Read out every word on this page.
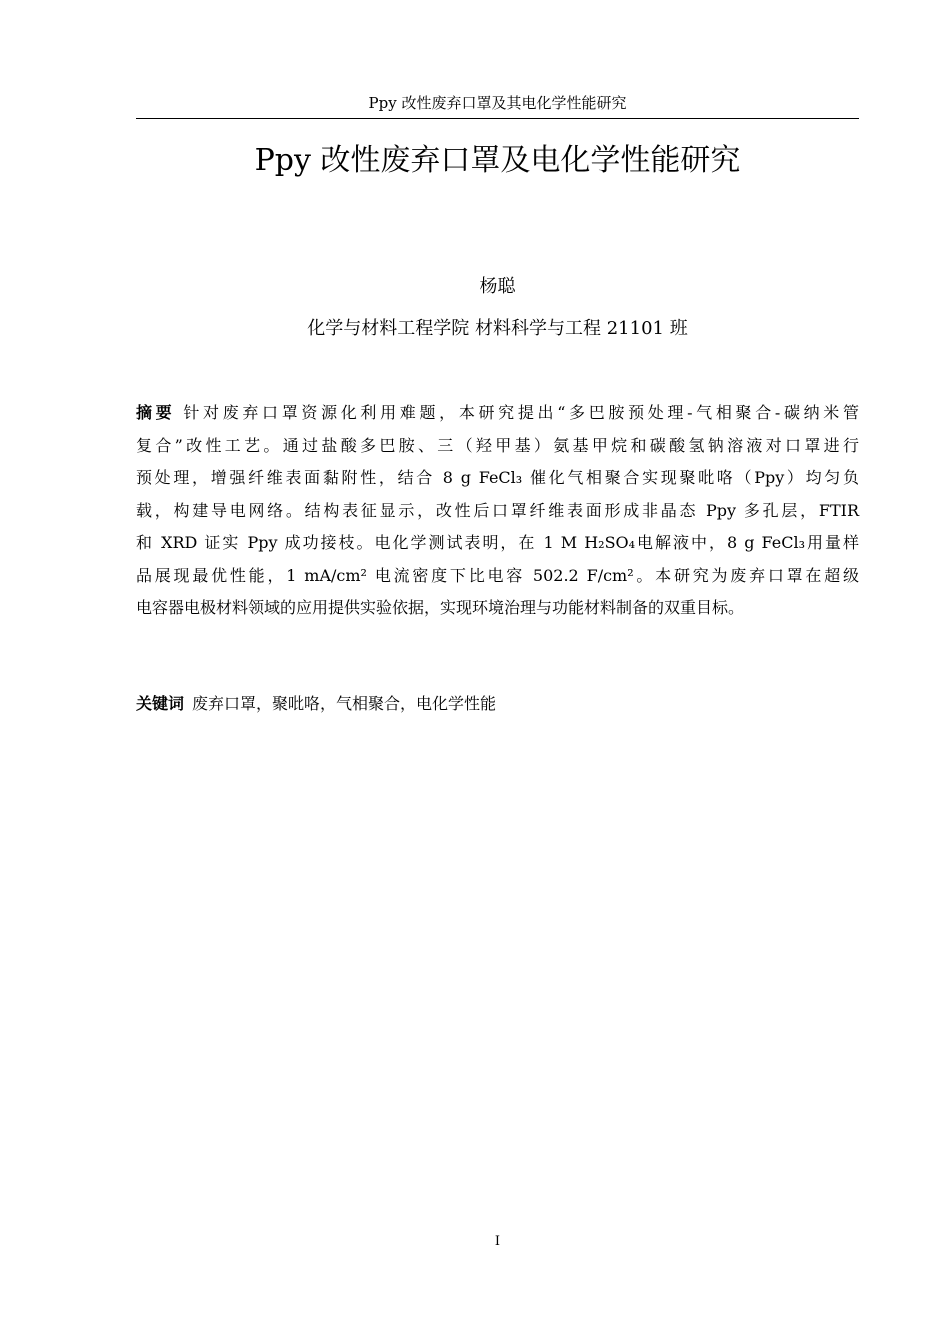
Ppy 改性废弃口罩及其电化学性能研究
Ppy 改性废弃口罩及电化学性能研究
杨聪
化学与材料工程学院 材料科学与工程 21101 班
摘要 针对废弃口罩资源化利用难题，本研究提出“多巴胺预处理-气相聚合-碳纳米管
复合”改性工艺。通过盐酸多巴胺、三（羟甲基）氨基甲烷和碳酸氢钠溶液对口罩进行
预处理，增强纤维表面黏附性，结合 8 g FeCl₃ 催化气相聚合实现聚吡咯（Ppy）均匀负
载，构建导电网络。结构表征显示，改性后口罩纤维表面形成非晶态 Ppy 多孔层，FTIR
和 XRD 证实 Ppy 成功接枝。电化学测试表明，在 1 M H₂SO₄电解液中，8 g FeCl₃用量样
品展现最优性能，1 mA/cm² 电流密度下比电容 502.2 F/cm²。本研究为废弃口罩在超级
电容器电极材料领域的应用提供实验依据，实现环境治理与功能材料制备的双重目标。
关键词 废弃口罩，聚吡咯，气相聚合，电化学性能
I
